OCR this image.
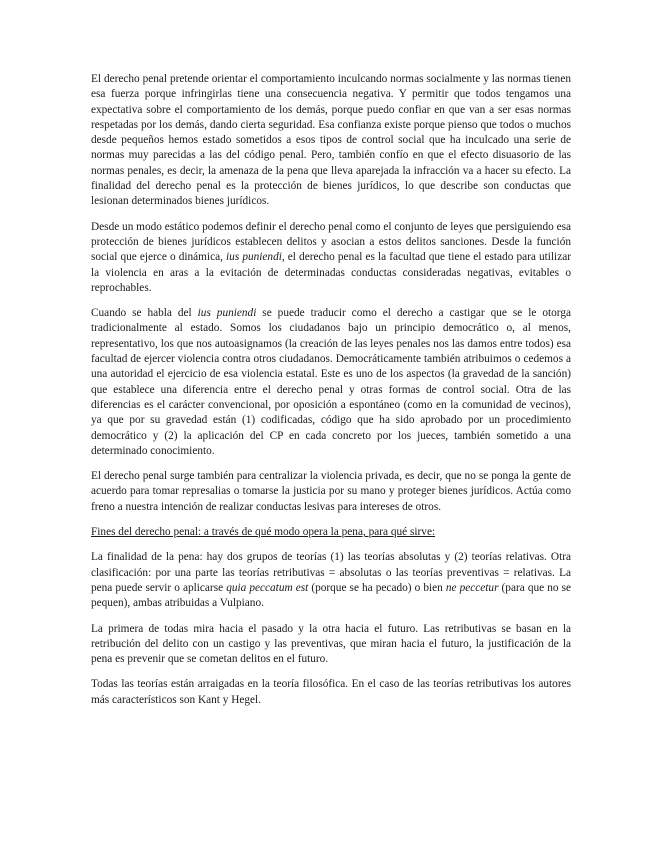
El derecho penal pretende orientar el comportamiento inculcando normas socialmente y las normas tienen esa fuerza porque infringirlas tiene una consecuencia negativa. Y permitir que todos tengamos una expectativa sobre el comportamiento de los demás, porque puedo confiar en que van a ser esas normas respetadas por los demás, dando cierta seguridad. Esa confianza existe porque pienso que todos o muchos desde pequeños hemos estado sometidos a esos tipos de control social que ha inculcado una serie de normas muy parecidas a las del código penal. Pero, también confío en que el efecto disuasorio de las normas penales, es decir, la amenaza de la pena que lleva aparejada la infracción va a hacer su efecto. La finalidad del derecho penal es la protección de bienes jurídicos, lo que describe son conductas que lesionan determinados bienes jurídicos.

Desde un modo estático podemos definir el derecho penal como el conjunto de leyes que persiguiendo esa protección de bienes jurídicos establecen delitos y asocian a estos delitos sanciones. Desde la función social que ejerce o dinámica, ius puniendi, el derecho penal es la facultad que tiene el estado para utilizar la violencia en aras a la evitación de determinadas conductas consideradas negativas, evitables o reprochables.

Cuando se habla del ius puniendi se puede traducir como el derecho a castigar que se le otorga tradicionalmente al estado. Somos los ciudadanos bajo un principio democrático o, al menos, representativo, los que nos autoasignamos (la creación de las leyes penales nos las damos entre todos) esa facultad de ejercer violencia contra otros ciudadanos. Democráticamente también atribuimos o cedemos a una autoridad el ejercicio de esa violencia estatal. Este es uno de los aspectos (la gravedad de la sanción) que establece una diferencia entre el derecho penal y otras formas de control social. Otra de las diferencias es el carácter convencional, por oposición a espontáneo (como en la comunidad de vecinos), ya que por su gravedad están (1) codificadas, código que ha sido aprobado por un procedimiento democrático y (2) la aplicación del CP en cada concreto por los jueces, también sometido a una determinado conocimiento.

El derecho penal surge también para centralizar la violencia privada, es decir, que no se ponga la gente de acuerdo para tomar represalias o tomarse la justicia por su mano y proteger bienes jurídicos. Actúa como freno a nuestra intención de realizar conductas lesivas para intereses de otros.

Fines del derecho penal: a través de qué modo opera la pena, para qué sirve:

La finalidad de la pena: hay dos grupos de teorías (1) las teorías absolutas y (2) teorías relativas. Otra clasificación: por una parte las teorías retributivas = absolutas o las teorías preventivas = relativas. La pena puede servir o aplicarse quia peccatum est (porque se ha pecado) o bien ne peccetur (para que no se pequen), ambas atribuidas a Vulpiano.

La primera de todas mira hacia el pasado y la otra hacia el futuro. Las retributivas se basan en la retribución del delito con un castigo y las preventivas, que miran hacia el futuro, la justificación de la pena es prevenir que se cometan delitos en el futuro.

Todas las teorías están arraigadas en la teoría filosófica. En el caso de las teorías retributivas los autores más característicos son Kant y Hegel.
